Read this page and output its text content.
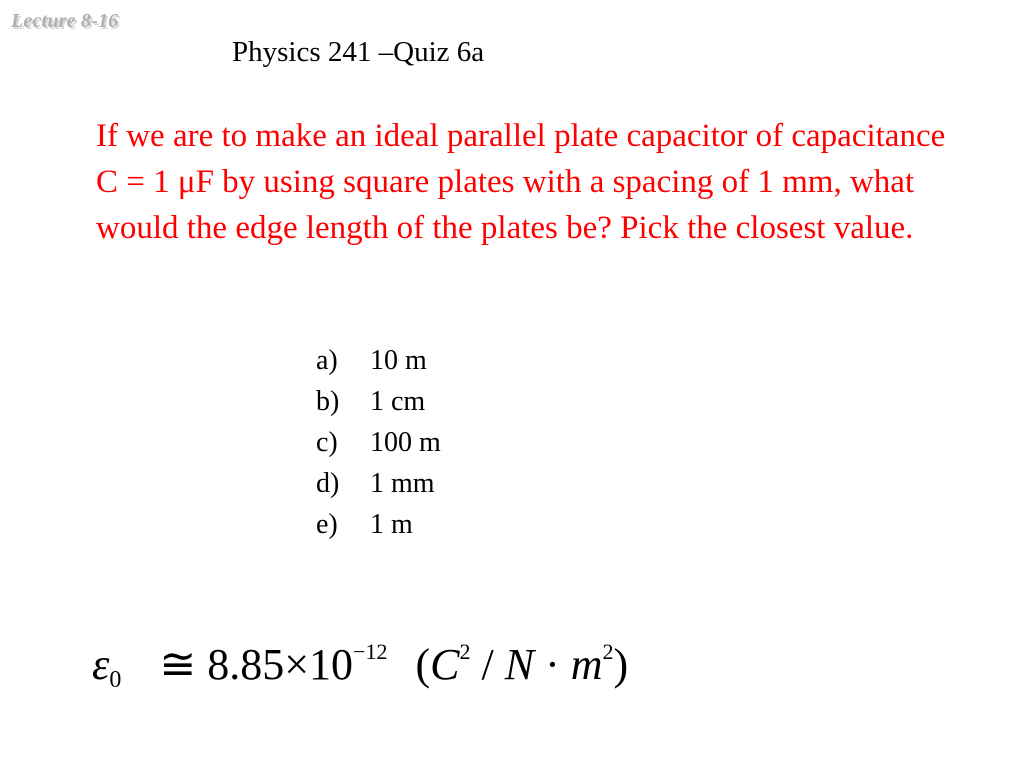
Lecture 8-16
Physics 241 –Quiz 6a
If we are to make an ideal parallel plate capacitor of capacitance C = 1 μF by using square plates with a spacing of 1 mm, what would the edge length of the plates be? Pick the closest value.
a)	10 m
b)	1 cm
c)	100 m
d)	1 mm
e)	1 m
$\varepsilon_0$ ≅ $8.85\times 10^{-12}$ $(C^2 / N \cdot m^2)$
